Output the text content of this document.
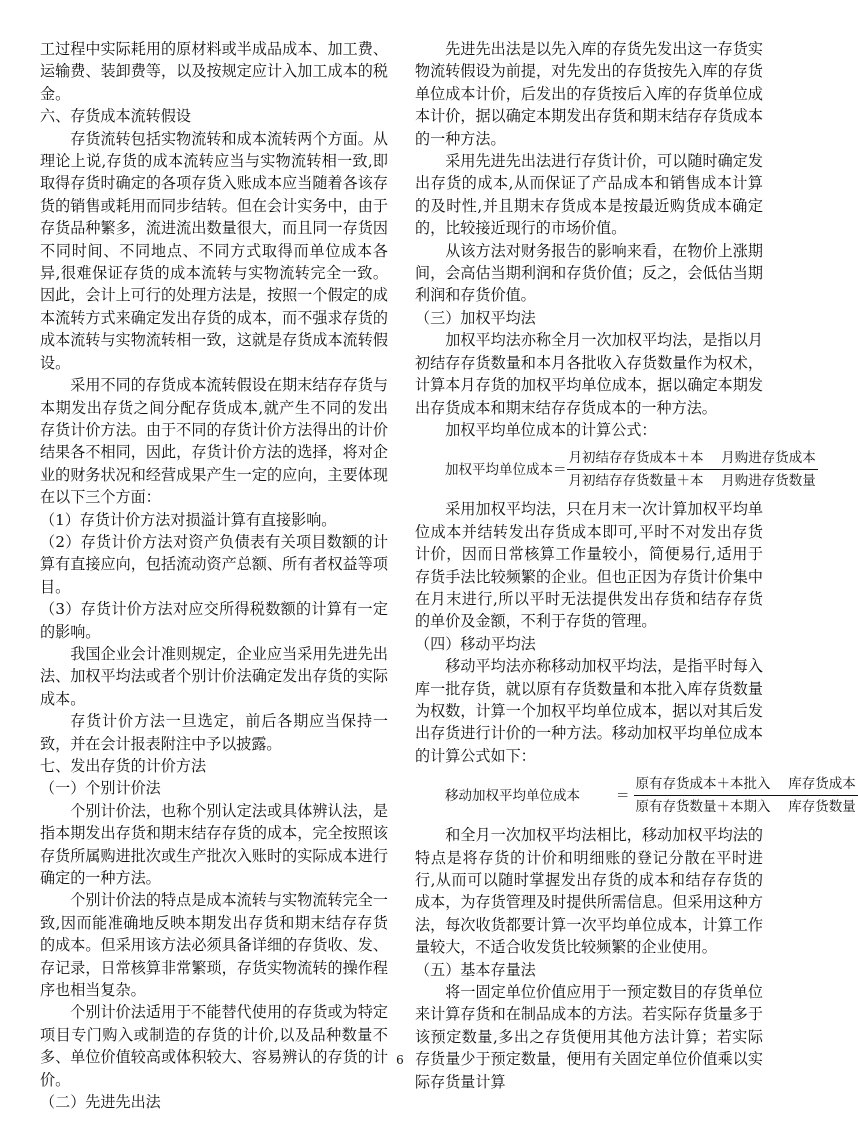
工过程中实际耗用的原材料或半成品成本、加工费、运输费、装卸费等，以及按规定应计入加工成本的税金。

六、存货成本流转假设

存货流转包括实物流转和成本流转两个方面。从理论上说,存货的成本流转应当与实物流转相一致,即取得存货时确定的各项存货入账成本应当随着各该存货的销售或耗用而同步结转。但在会计实务中，由于存货品种繁多，流进流出数量很大，而且同一存货因不同时间、不同地点、不同方式取得而单位成本各异,很难保证存货的成本流转与实物流转完全一致。因此，会计上可行的处理方法是，按照一个假定的成本流转方式来确定发出存货的成本，而不强求存货的成本流转与实物流转相一致，这就是存货成本流转假设。

采用不同的存货成本流转假设在期末结存存货与本期发出存货之间分配存货成本,就产生不同的发出存货计价方法。由于不同的存货计价方法得出的计价结果各不相同，因此，存货计价方法的选择，将对企业的财务状况和经营成果产生一定的应向，主要体现在以下三个方面：

（1）存货计价方法对损溢计算有直接影响。

（2）存货计价方法对资产负债表有关项目数额的计算有直接应向，包括流动资产总额、所有者权益等项目。

（3）存货计价方法对应交所得税数额的计算有一定的影响。

我国企业会计准则规定，企业应当采用先进先出法、加权平均法或者个别计价法确定发出存货的实际成本。

存货计价方法一旦选定，前后各期应当保持一致，并在会计报表附注中予以披露。

七、发出存货的计价方法

（一）个别计价法

个别计价法，也称个别认定法或具体辨认法，是指本期发出存货和期末结存存货的成本，完全按照该存货所属购进批次或生产批次入账时的实际成本进行确定的一种方法。

个别计价法的特点是成本流转与实物流转完全一致,因而能准确地反映本期发出存货和期末结存存货的成本。但采用该方法必须具备详细的存货收、发、存记录，日常核算非常繁琐，存货实物流转的操作程序也相当复杂。

个别计价法适用于不能替代使用的存货或为特定项目专门购入或制造的存货的计价,以及品种数量不多、单位价值较高或体积较大、容易辨认的存货的计价。

（二）先进先出法

先进先出法是以先入库的存货先发出这一存货实物流转假设为前提，对先发出的存货按先入库的存货单位成本计价，后发出的存货按后入库的存货单位成本计价，据以确定本期发出存货和期末结存存货成本的一种方法。

采用先进先出法进行存货计价，可以随时确定发出存货的成本,从而保证了产品成本和销售成本计算的及时性,并且期末存货成本是按最近购货成本确定的，比较接近现行的市场价值。

从该方法对财务报告的影响来看，在物价上涨期间，会高估当期利润和存货价值；反之，会低估当期利润和存货价值。

（三）加权平均法

加权平均法亦称全月一次加权平均法，是指以月初结存存货数量和本月各批收入存货数量作为权术，计算本月存货的加权平均单位成本，据以确定本期发出存货成本和期末结存存货成本的一种方法。

加权平均单位成本的计算公式：

加权平均单位成本＝ $\frac{\text{月初结存存货成本＋本　 月购进存货成本}}{\text{月初结存存货数量＋本　 月购进存货数量}}$

采用加权平均法，只在月末一次计算加权平均单位成本并结转发出存货成本即可,平时不对发出存货计价，因而日常核算工作量较小，简便易行,适用于存货手法比较频繁的企业。但也正因为存货计价集中在月末进行,所以平时无法提供发出存货和结存存货的单价及金额，不利于存货的管理。

（四）移动平均法

移动平均法亦称移动加权平均法，是指平时每入库一批存货，就以原有存货数量和本批入库存货数量为权数，计算一个加权平均单位成本，据以对其后发出存货进行计价的一种方法。移动加权平均单位成本的计算公式如下：

移动加权平均单位成本	＝ $\frac{\text{原有存货成本＋本批入　 库存货成本}}{\text{原有存货数量＋本期入　 库存货数量}}$

和全月一次加权平均法相比，移动加权平均法的特点是将存货的计价和明细账的登记分散在平时进行,从而可以随时掌握发出存货的成本和结存存货的成本，为存货管理及时提供所需信息。但采用这种方法，每次收货都要计算一次平均单位成本，计算工作量较大，不适合收发货比较频繁的企业使用。

（五）基本存量法

将一固定单位价值应用于一预定数目的存货单位来计算存货和在制品成本的方法。若实际存货量多于该预定数量,多出之存货便用其他方法计算；若实际存货量少于预定数量，便用有关固定单位价值乘以实际存货量计算

6
